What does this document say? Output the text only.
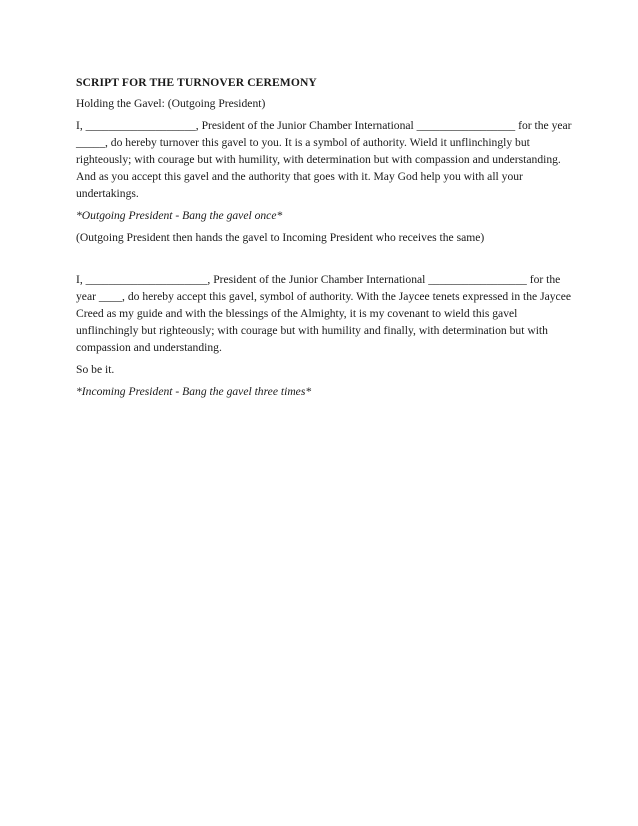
SCRIPT FOR THE TURNOVER CEREMONY
Holding the Gavel: (Outgoing President)
I, ___________________, President of the Junior Chamber International _________________ for the year _____, do hereby turnover this gavel to you. It is a symbol of authority. Wield it unflinchingly but righteously; with courage but with humility, with determination but with compassion and understanding. And as you accept this gavel and the authority that goes with it. May God help you with all your undertakings.
*Outgoing President - Bang the gavel once*
(Outgoing President then hands the gavel to Incoming President who receives the same)
I, _____________________, President of the Junior Chamber International _________________ for the year ____, do hereby accept this gavel, symbol of authority. With the Jaycee tenets expressed in the Jaycee Creed as my guide and with the blessings of the Almighty, it is my covenant to wield this gavel unflinchingly but righteously; with courage but with humility and finally, with determination but with compassion and understanding.
So be it.
*Incoming President - Bang the gavel three times*
